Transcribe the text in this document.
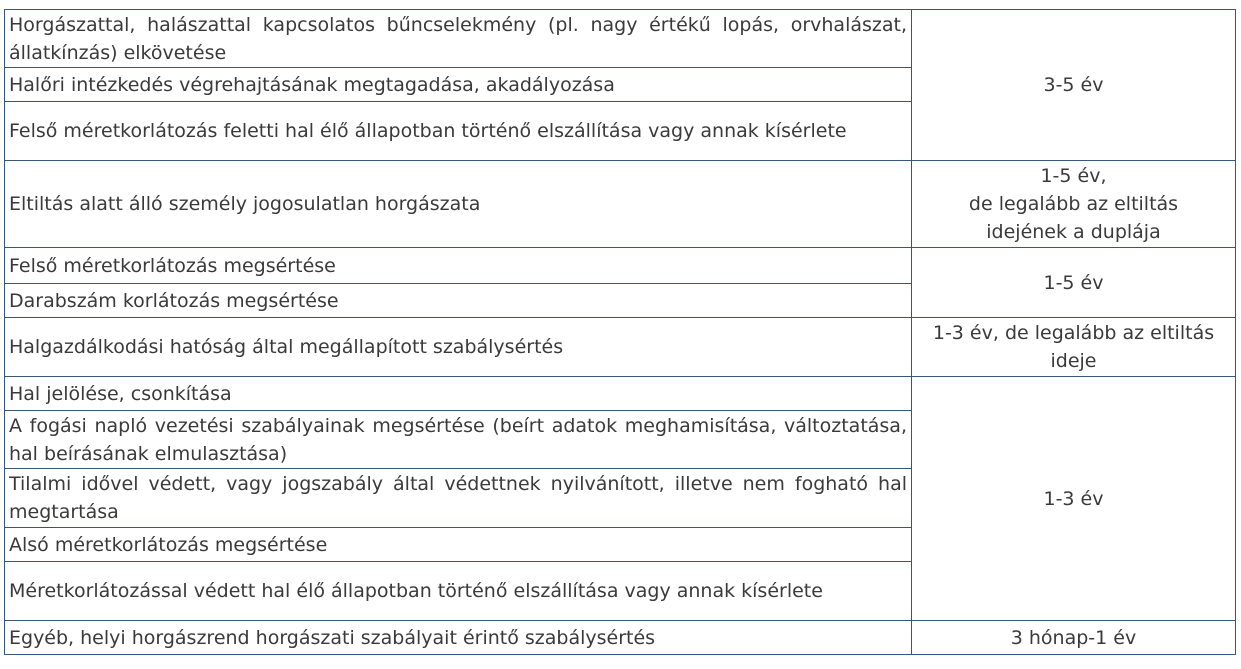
Horgászattal, halászattal kapcsolatos bűncselekmény (pl. nagy értékű lopás, orvhalászat, állatkínzás) elkövetése	3-5 év
Halőri intézkedés végrehajtásának megtagadása, akadályozása	
Felső méretkorlátozás feletti hal élő állapotban történő elszállítása vagy annak kísérlete	
Eltiltás alatt álló személy jogosulatlan horgászata	1-5 év,
de legalább az eltiltás
idejének a duplája

Felső méretkorlátozás megsértése	1-5 év
Darabszám korlátozás megsértése	
Halgazdálkodási hatóság által megállapított szabálysértés	1-3 év, de legalább az eltiltás
ideje

Hal jelölése, csonkítása	1-3 év
A fogási napló vezetési szabályainak megsértése (beírt adatok meghamisítása, változtatása, hal beírásának elmulasztása)	
Tilalmi idővel védett, vagy jogszabály által védettnek nyilvánított, illetve nem fogható hal megtartása	
Alsó méretkorlátozás megsértése	
Méretkorlátozással védett hal élő állapotban történő elszállítása vagy annak kísérlete	
Egyéb, helyi horgászrend horgászati szabályait érintő szabálysértés	3 hónap-1 év
